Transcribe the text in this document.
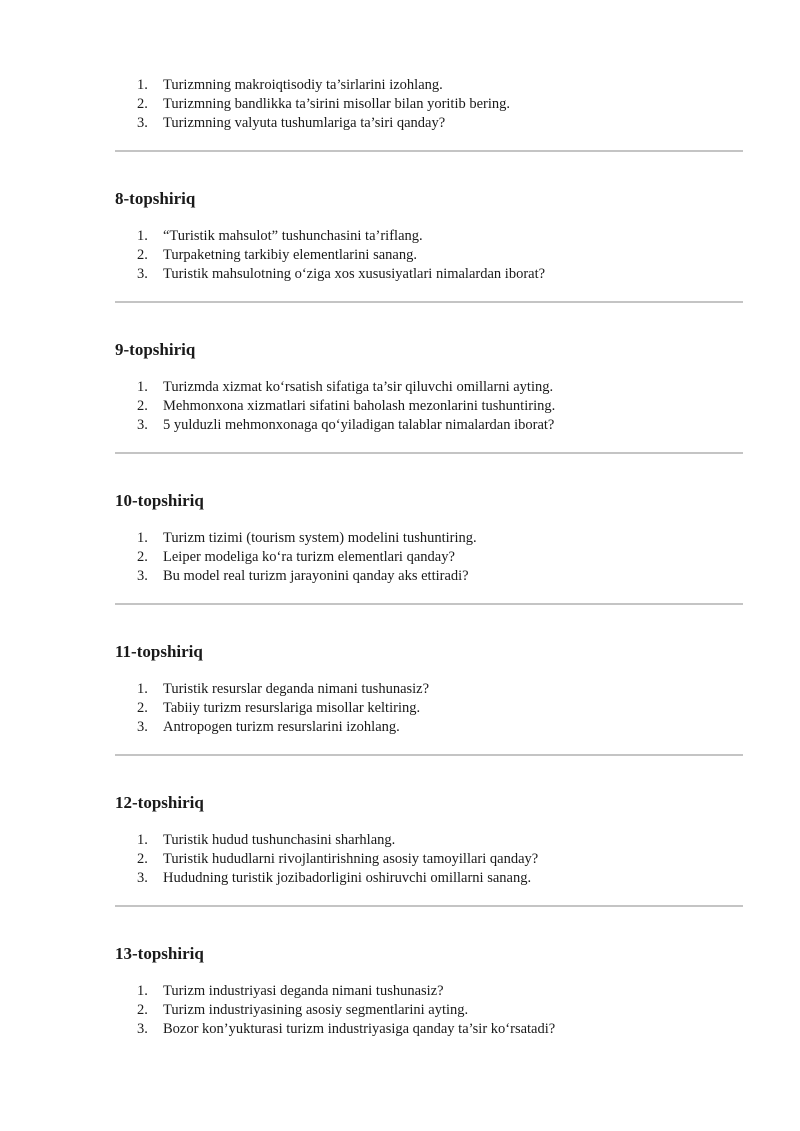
1. Turizmning makroiqtisodiy ta’sirlarini izohlang.
2. Turizmning bandlikka ta’sirini misollar bilan yoritib bering.
3. Turizmning valyuta tushumlariga ta’siri qanday?
8-topshiriq
1. “Turistik mahsulot” tushunchasini ta’riflang.
2. Turpaketning tarkibiy elementlarini sanang.
3. Turistik mahsulotning o‘ziga xos xususiyatlari nimalardan iborat?
9-topshiriq
1. Turizmda xizmat ko‘rsatish sifatiga ta’sir qiluvchi omillarni ayting.
2. Mehmonxona xizmatlari sifatini baholash mezonlarini tushuntiring.
3. 5 yulduzli mehmonxonaga qo‘yiladigan talablar nimalardan iborat?
10-topshiriq
1. Turizm tizimi (tourism system) modelini tushuntiring.
2. Leiper modeliga ko‘ra turizm elementlari qanday?
3. Bu model real turizm jarayonini qanday aks ettiradi?
11-topshiriq
1. Turistik resurslar deganda nimani tushunasiz?
2. Tabiiy turizm resurslariga misollar keltiring.
3. Antropogen turizm resurslarini izohlang.
12-topshiriq
1. Turistik hudud tushunchasini sharhlang.
2. Turistik hududlarni rivojlantirishning asosiy tamoyillari qanday?
3. Hududning turistik jozibadorligini oshiruvchi omillarni sanang.
13-topshiriq
1. Turizm industriyasi deganda nimani tushunasiz?
2. Turizm industriyasining asosiy segmentlarini ayting.
3. Bozor kon’yukturasi turizm industriyasiga qanday ta’sir ko‘rsatadi?
